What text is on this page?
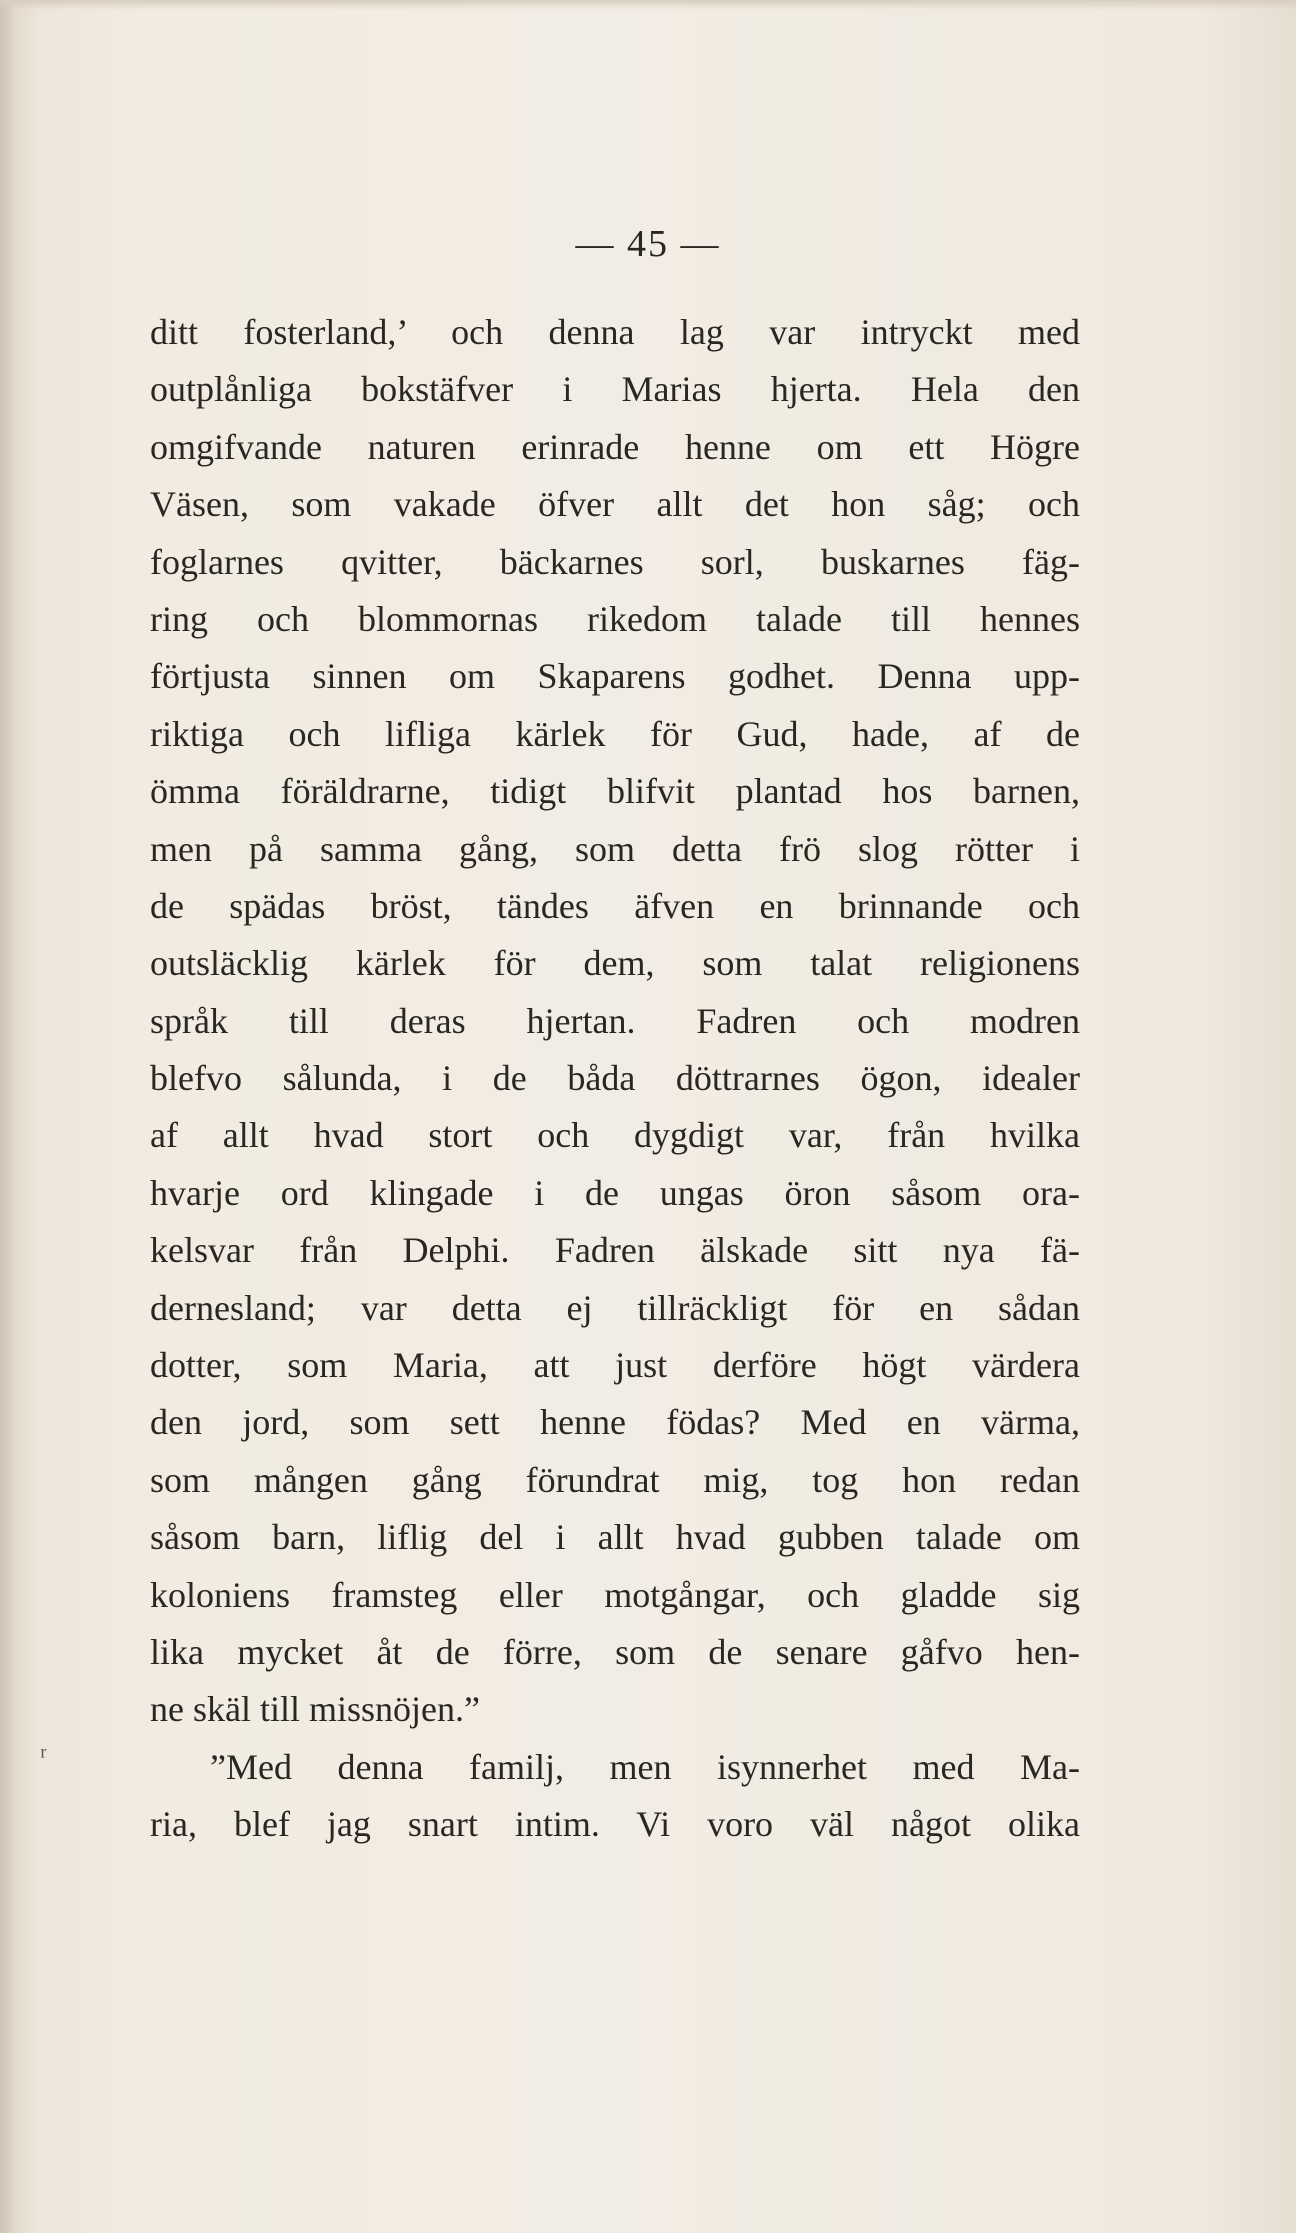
— 45 —
ditt fosterland,’ och denna lag var intryckt med
outplånliga bokstäfver i Marias hjerta. Hela den
omgifvande naturen erinrade henne om ett Högre
Väsen, som vakade öfver allt det hon såg; och
foglarnes qvitter, bäckarnes sorl, buskarnes fäg-
ring och blommornas rikedom talade till hennes
förtjusta sinnen om Skaparens godhet. Denna upp-
riktiga och lifliga kärlek för Gud, hade, af de
ömma föräldrarne, tidigt blifvit plantad hos barnen,
men på samma gång, som detta frö slog rötter i
de spädas bröst, tändes äfven en brinnande och
outsläcklig kärlek för dem, som talat religionens
språk till deras hjertan. Fadren och modren
blefvo sålunda, i de båda döttrarnes ögon, idealer
af allt hvad stort och dygdigt var, från hvilka
hvarje ord klingade i de ungas öron såsom ora-
kelsvar från Delphi. Fadren älskade sitt nya fä-
dernesland; var detta ej tillräckligt för en sådan
dotter, som Maria, att just derföre högt värdera
den jord, som sett henne födas? Med en värma,
som mången gång förundrat mig, tog hon redan
såsom barn, liflig del i allt hvad gubben talade om
koloniens framsteg eller motgångar, och gladde sig
lika mycket åt de förre, som de senare gåfvo hen-
ne skäl till missnöjen.”
”Med denna familj, men isynnerhet med Ma-
ria, blef jag snart intim. Vi voro väl något olika
ʳ
